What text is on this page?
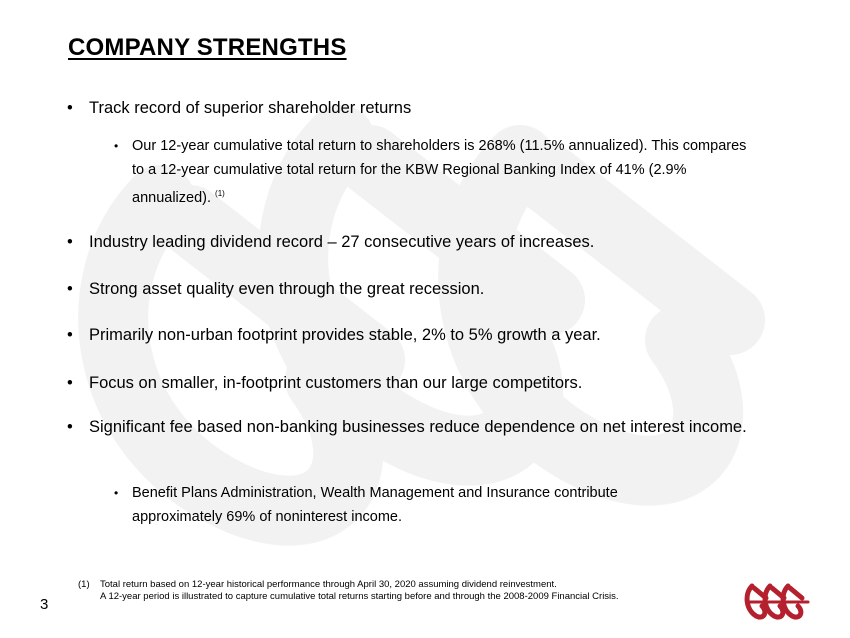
COMPANY STRENGTHS
• Track record of superior shareholder returns
• Our 12-year cumulative total return to shareholders is 268% (11.5% annualized). This compares to a 12-year cumulative total return for the KBW Regional Banking Index of 41% (2.9% annualized). $^{(1)}$
• Industry leading dividend record – 27 consecutive years of increases.
• Strong asset quality even through the great recession.
• Primarily non-urban footprint provides stable, 2% to 5% growth a year.
• Focus on smaller, in-footprint customers than our large competitors.
• Significant fee based non-banking businesses reduce dependence on net interest income.
• Benefit Plans Administration, Wealth Management and Insurance contribute approximately 69% of noninterest income.
(1) Total return based on 12-year historical performance through April 30, 2020 assuming dividend reinvestment.
A 12-year period is illustrated to capture cumulative total returns starting before and through the 2008-2009 Financial Crisis.
3
